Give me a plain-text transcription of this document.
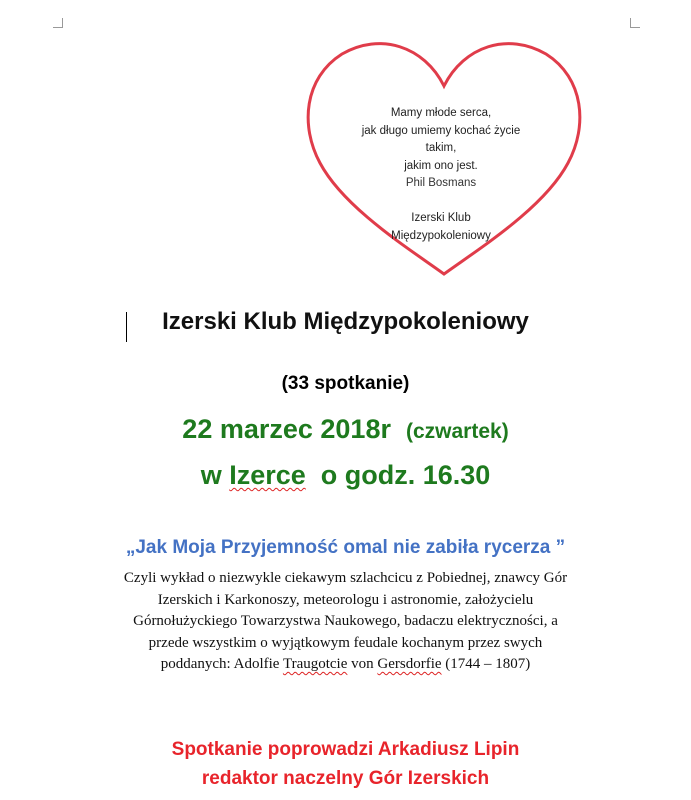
Mamy młode serca,
jak długo umiemy kochać życie
takim,
jakim ono jest.
Phil Bosmans
Izerski Klub
Międzypokoleniowy
Izerski Klub Międzypokoleniowy
(33 spotkanie)
22 marzec 2018r (czwartek)
w Izerce  o godz. 16.30
„Jak Moja Przyjemność omal nie zabiła rycerza ”
Czyli wykład o niezwykle ciekawym szlachcicu z Pobiednej, znawcy Gór
Izerskich i Karkonoszy, meteorologu i astronomie, założycielu
Górnołużyckiego Towarzystwa Naukowego, badaczu elektryczności, a
przede wszystkim o wyjątkowym feudale kochanym przez swych
poddanych: Adolfie Traugotcie von Gersdorfie (1744 – 1807)
Spotkanie poprowadzi Arkadiusz Lipin
redaktor naczelny Gór Izerskich
